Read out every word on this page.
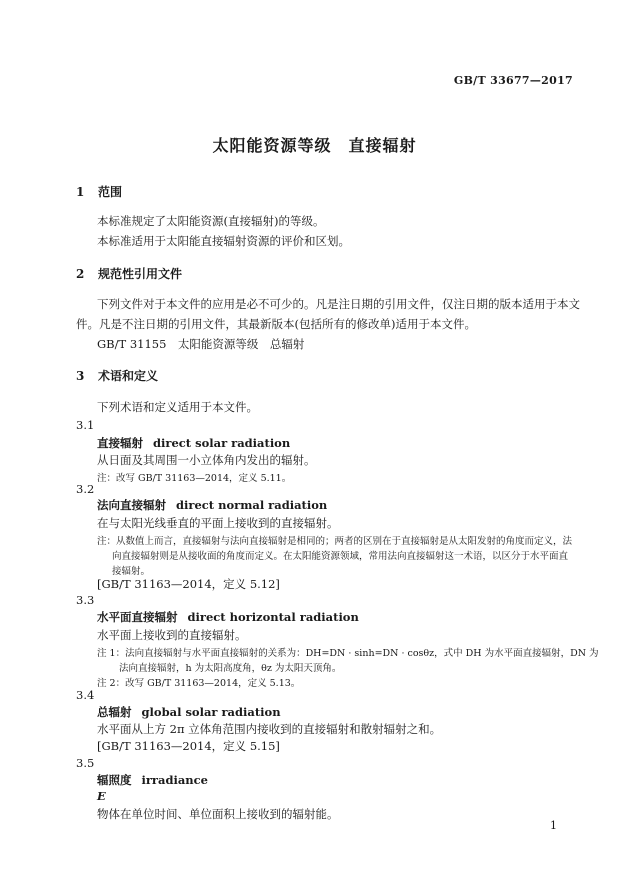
GB/T 33677—2017
太阳能资源等级　直接辐射
1 范围
本标准规定了太阳能资源(直接辐射)的等级。
本标准适用于太阳能直接辐射资源的评价和区划。
2 规范性引用文件
下列文件对于本文件的应用是必不可少的。凡是注日期的引用文件，仅注日期的版本适用于本文
件。凡是不注日期的引用文件，其最新版本(包括所有的修改单)适用于本文件。
GB/T 31155　太阳能资源等级　总辐射
3 术语和定义
下列术语和定义适用于本文件。
3.1
直接辐射 direct solar radiation
从日面及其周围一小立体角内发出的辐射。
注：改写 GB/T 31163—2014，定义 5.11。
3.2
法向直接辐射 direct normal radiation
在与太阳光线垂直的平面上接收到的直接辐射。
注：从数值上而言，直接辐射与法向直接辐射是相同的；两者的区别在于直接辐射是从太阳发射的角度而定义，法
向直接辐射则是从接收面的角度而定义。在太阳能资源领域，常用法向直接辐射这一术语，以区分于水平面直
接辐射。
[GB/T 31163—2014，定义 5.12]
3.3
水平面直接辐射 direct horizontal radiation
水平面上接收到的直接辐射。
注 1：法向直接辐射与水平面直接辐射的关系为：DH=DN · sinh=DN · cosθz，式中 DH 为水平面直接辐射，DN 为
法向直接辐射，h 为太阳高度角，θz 为太阳天顶角。
注 2：改写 GB/T 31163—2014，定义 5.13。
3.4
总辐射 global solar radiation
水平面从上方 2π 立体角范围内接收到的直接辐射和散射辐射之和。
[GB/T 31163—2014，定义 5.15]
3.5
辐照度 irradiance
E
物体在单位时间、单位面积上接收到的辐射能。
1
